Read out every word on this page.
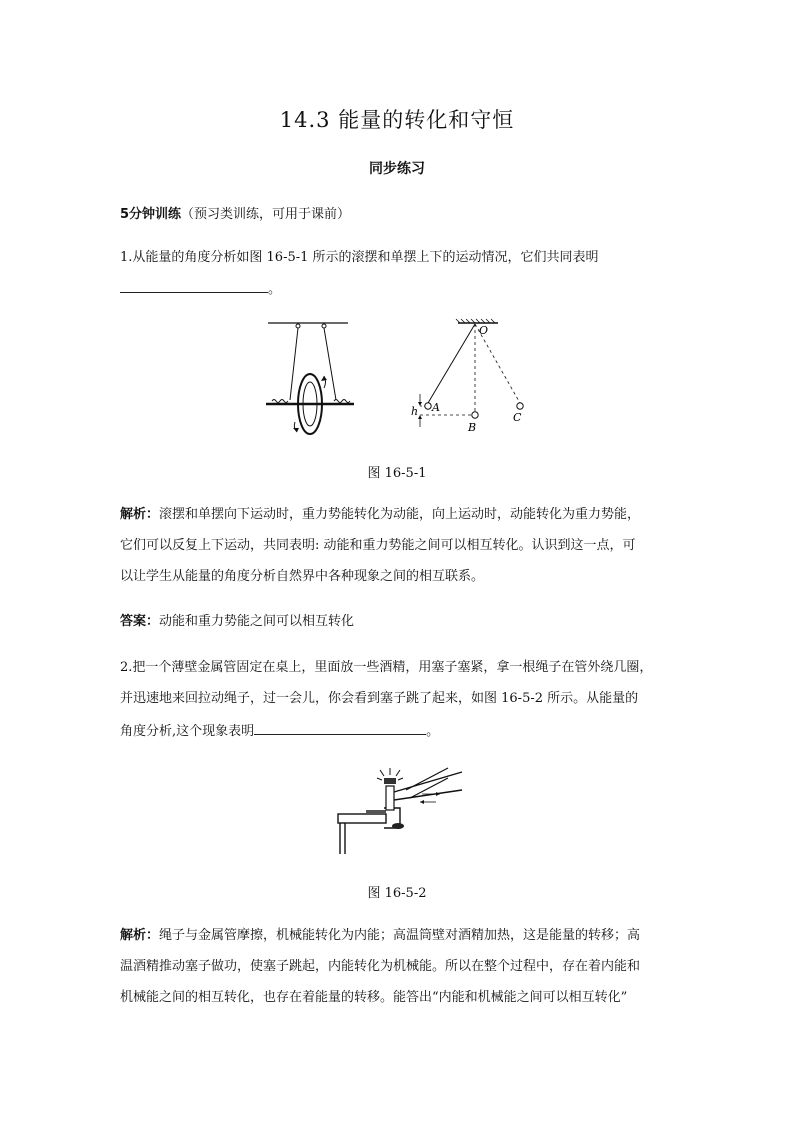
14.3 能量的转化和守恒
同步练习
5分钟训练（预习类训练，可用于课前）
1.从能量的角度分析如图 16-5-1 所示的滚摆和单摆上下的运动情况，它们共同表明
。
O
A
B
C
h
图 16-5-1
解析：滚摆和单摆向下运动时，重力势能转化为动能，向上运动时，动能转化为重力势能，
它们可以反复上下运动，共同表明: 动能和重力势能之间可以相互转化。认识到这一点，可
以让学生从能量的角度分析自然界中各种现象之间的相互联系。
答案：动能和重力势能之间可以相互转化
2.把一个薄壁金属管固定在桌上，里面放一些酒精，用塞子塞紧，拿一根绳子在管外绕几圈，
并迅速地来回拉动绳子，过一会儿，你会看到塞子跳了起来，如图 16-5-2 所示。从能量的
角度分析,这个现象表明	。
图 16-5-2
解析：绳子与金属管摩擦，机械能转化为内能；高温筒壁对酒精加热，这是能量的转移；高
温酒精推动塞子做功，使塞子跳起，内能转化为机械能。所以在整个过程中，存在着内能和
机械能之间的相互转化，也存在着能量的转移。能答出“内能和机械能之间可以相互转化”
